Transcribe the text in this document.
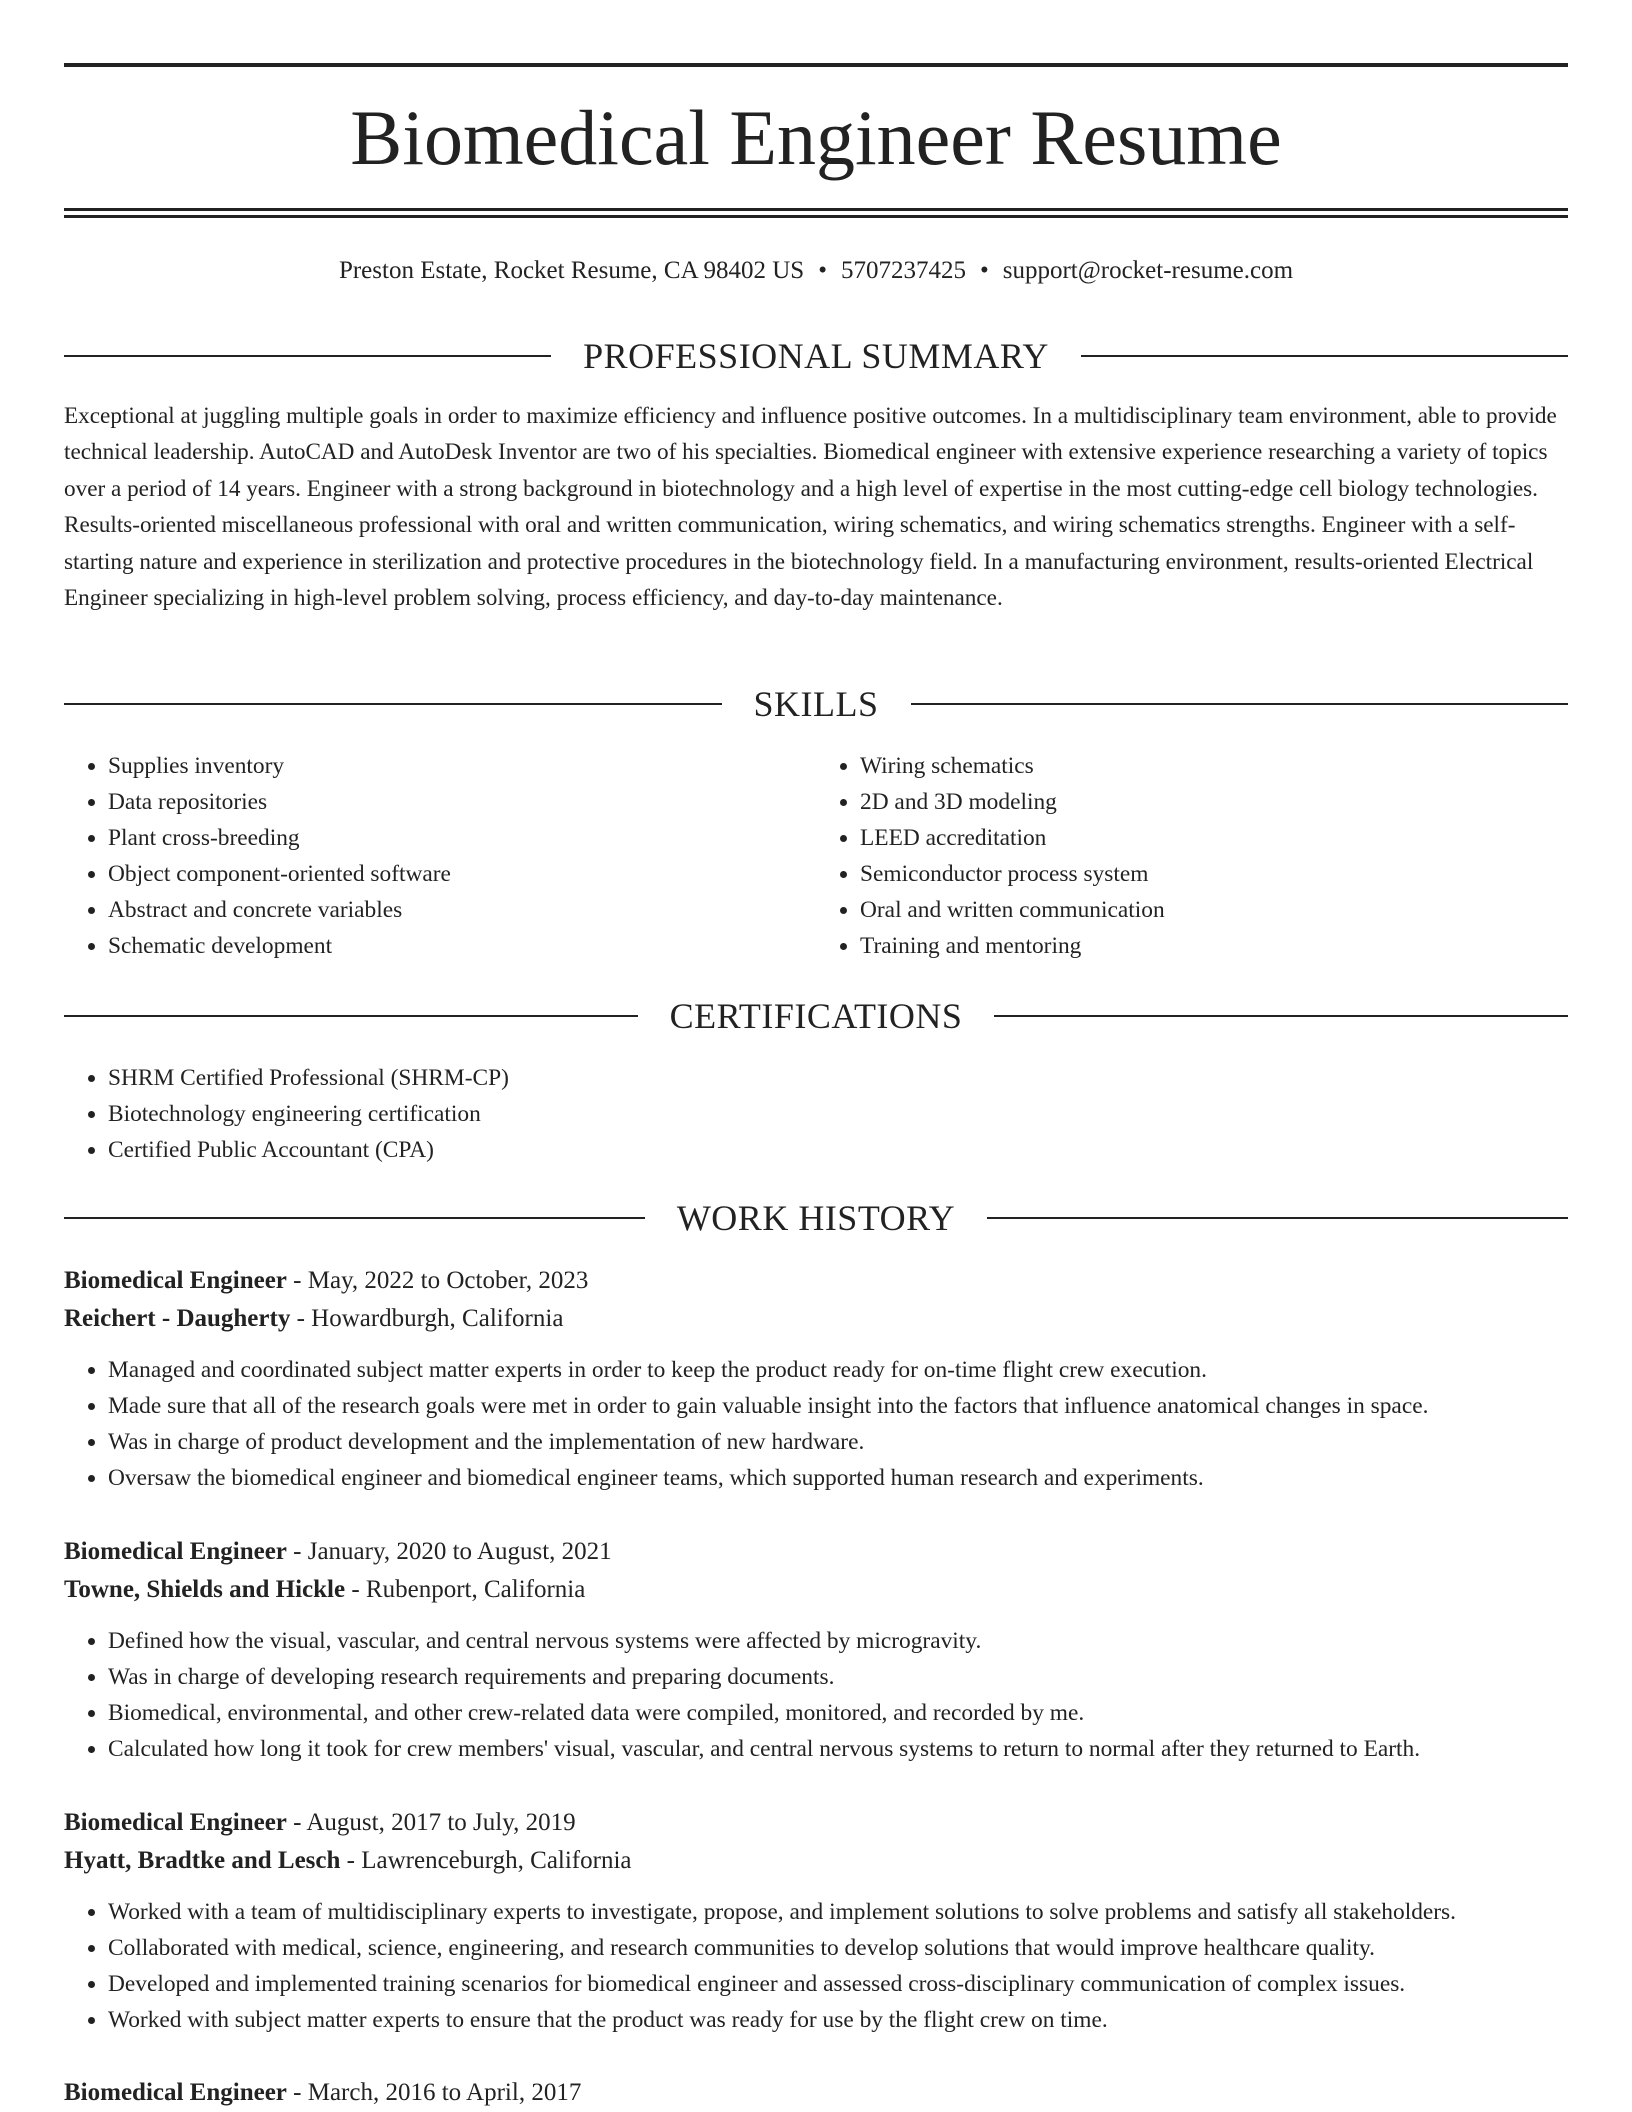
Biomedical Engineer Resume
Preston Estate, Rocket Resume, CA 98402 US • 5707237425 • support@rocket-resume.com
PROFESSIONAL SUMMARY

Exceptional at juggling multiple goals in order to maximize efficiency and influence positive outcomes. In a multidisciplinary team environment, able to provide technical leadership. AutoCAD and AutoDesk Inventor are two of his specialties. Biomedical engineer with extensive experience researching a variety of topics over a period of 14 years. Engineer with a strong background in biotechnology and a high level of expertise in the most cutting-edge cell biology technologies. Results-oriented miscellaneous professional with oral and written communication, wiring schematics, and wiring schematics strengths. Engineer with a self-starting nature and experience in sterilization and protective procedures in the biotechnology field. In a manufacturing environment, results-oriented Electrical Engineer specializing in high-level problem solving, process efficiency, and day-to-day maintenance.

SKILLS
• Supplies inventory
• Data repositories
• Plant cross-breeding
• Object component-oriented software
• Abstract and concrete variables
• Schematic development
• Wiring schematics
• 2D and 3D modeling
• LEED accreditation
• Semiconductor process system
• Oral and written communication
• Training and mentoring
CERTIFICATIONS
• SHRM Certified Professional (SHRM-CP)
• Biotechnology engineering certification
• Certified Public Accountant (CPA)
WORK HISTORY
Biomedical Engineer - May, 2022 to October, 2023
Reichert - Daugherty - Howardburgh, California
• Managed and coordinated subject matter experts in order to keep the product ready for on-time flight crew execution.
• Made sure that all of the research goals were met in order to gain valuable insight into the factors that influence anatomical changes in space.
• Was in charge of product development and the implementation of new hardware.
• Oversaw the biomedical engineer and biomedical engineer teams, which supported human research and experiments.
Biomedical Engineer - January, 2020 to August, 2021
Towne, Shields and Hickle - Rubenport, California
• Defined how the visual, vascular, and central nervous systems were affected by microgravity.
• Was in charge of developing research requirements and preparing documents.
• Biomedical, environmental, and other crew-related data were compiled, monitored, and recorded by me.
• Calculated how long it took for crew members' visual, vascular, and central nervous systems to return to normal after they returned to Earth.
Biomedical Engineer - August, 2017 to July, 2019
Hyatt, Bradtke and Lesch - Lawrenceburgh, California
• Worked with a team of multidisciplinary experts to investigate, propose, and implement solutions to solve problems and satisfy all stakeholders.
• Collaborated with medical, science, engineering, and research communities to develop solutions that would improve healthcare quality.
• Developed and implemented training scenarios for biomedical engineer and assessed cross-disciplinary communication of complex issues.
• Worked with subject matter experts to ensure that the product was ready for use by the flight crew on time.
Biomedical Engineer - March, 2016 to April, 2017
